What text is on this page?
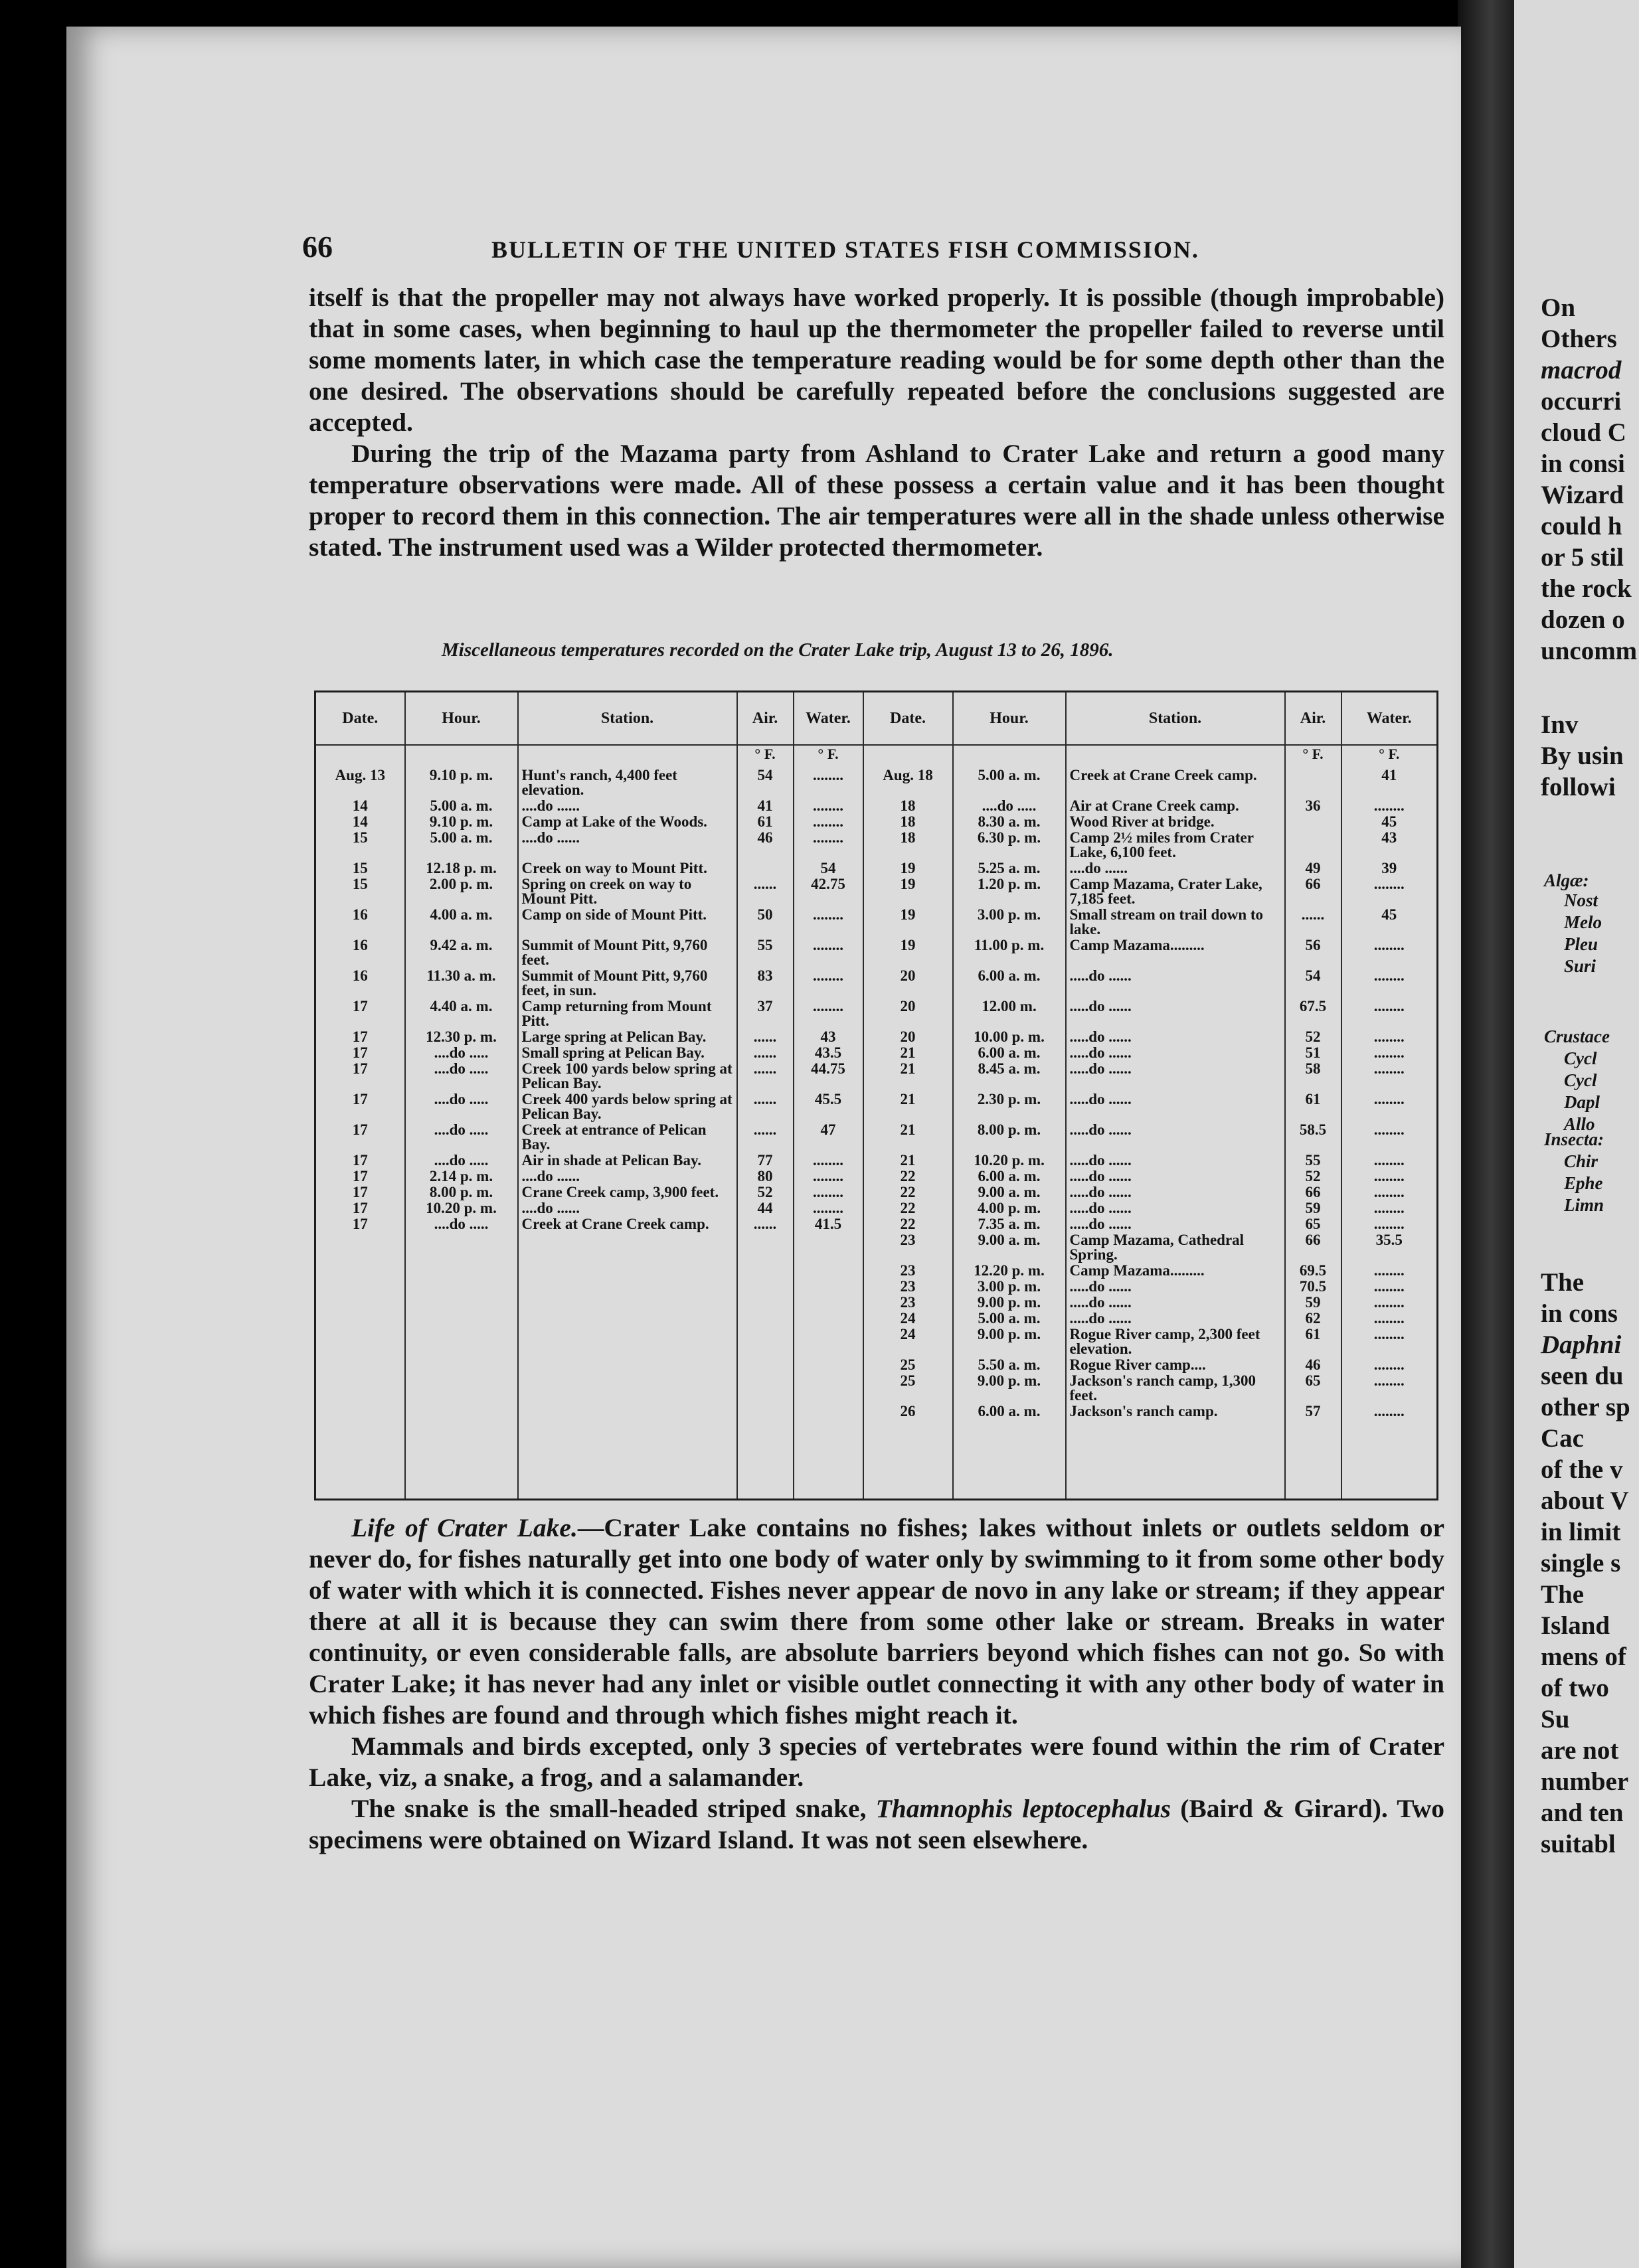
66	BULLETIN OF THE UNITED STATES FISH COMMISSION.

itself is that the propeller may not always have worked properly. It is possible (though improbable) that in some cases, when beginning to haul up the thermometer the propeller failed to reverse until some moments later, in which case the temperature reading would be for some depth other than the one desired. The observations should be carefully repeated before the conclusions suggested are accepted.

During the trip of the Mazama party from Ashland to Crater Lake and return a good many temperature observations were made. All of these possess a certain value and it has been thought proper to record them in this connection. The air temperatures were all in the shade unless otherwise stated. The instrument used was a Wilder protected thermometer.

Miscellaneous temperatures recorded on the Crater Lake trip, August 13 to 26, 1896.
Date.	Hour.	Station.	Air.	Water.	Date.	Hour.	Station.	Air.	Water.
			° F.	° F.				° F.	° F.
Aug. 13	9.10 p. m.	Hunt's ranch, 4,400 feet elevation.	54	........	Aug. 18	5.00 a. m.	Creek at Crane Creek camp.		41
14	5.00 a. m.	....do ......	41	........	18	....do .....	Air at Crane Creek camp.	36	........
14	9.10 p. m.	Camp at Lake of the Woods.	61	........	18	8.30 a. m.	Wood River at bridge.		45
15	5.00 a. m.	....do ......	46	........	18	6.30 p. m.	Camp 2½ miles from Crater Lake, 6,100 feet.		43
15	12.18 p. m.	Creek on way to Mount Pitt.		54	19	5.25 a. m.	....do ......	49	39
15	2.00 p. m.	Spring on creek on way to Mount Pitt.	......	42.75	19	1.20 p. m.	Camp Mazama, Crater Lake, 7,185 feet.	66	........
16	4.00 a. m.	Camp on side of Mount Pitt.	50	........	19	3.00 p. m.	Small stream on trail down to lake.	......	45
16	9.42 a. m.	Summit of Mount Pitt, 9,760 feet.	55	........	19	11.00 p. m.	Camp Mazama.........	56	........
16	11.30 a. m.	Summit of Mount Pitt, 9,760 feet, in sun.	83	........	20	6.00 a. m.	.....do ......	54	........
17	4.40 a. m.	Camp returning from Mount Pitt.	37	........	20	12.00 m.	.....do ......	67.5	........
17	12.30 p. m.	Large spring at Pelican Bay.	......	43	20	10.00 p. m.	.....do ......	52	........
17	....do .....	Small spring at Pelican Bay.	......	43.5	21	6.00 a. m.	.....do ......	51	........
17	....do .....	Creek 100 yards below spring at Pelican Bay.	......	44.75	21	8.45 a. m.	.....do ......	58	........
17	....do .....	Creek 400 yards below spring at Pelican Bay.	......	45.5	21	2.30 p. m.	.....do ......	61	........
17	....do .....	Creek at entrance of Pelican Bay.	......	47	21	8.00 p. m.	.....do ......	58.5	........
17	....do .....	Air in shade at Pelican Bay.	77	........	21	10.20 p. m.	.....do ......	55	........
17	2.14 p. m.	....do ......	80	........	22	6.00 a. m.	.....do ......	52	........
17	8.00 p. m.	Crane Creek camp, 3,900 feet.	52	........	22	9.00 a. m.	.....do ......	66	........
17	10.20 p. m.	....do ......	44	........	22	4.00 p. m.	.....do ......	59	........
17	....do .....	Creek at Crane Creek camp.	......	41.5	22	7.35 a. m.	.....do ......	65	........
					23	9.00 a. m.	Camp Mazama, Cathedral Spring.	66	35.5
					23	12.20 p. m.	Camp Mazama.........	69.5	........
					23	3.00 p. m.	.....do ......	70.5	........
					23	9.00 p. m.	.....do ......	59	........
					24	5.00 a. m.	.....do ......	62	........
					24	9.00 p. m.	Rogue River camp, 2,300 feet elevation.	61	........
					25	5.50 a. m.	Rogue River camp....	46	........
					25	9.00 p. m.	Jackson's ranch camp, 1,300 feet.	65	........
					26	6.00 a. m.	Jackson's ranch camp.	57	........

Life of Crater Lake.—Crater Lake contains no fishes; lakes without inlets or outlets seldom or never do, for fishes naturally get into one body of water only by swimming to it from some other body of water with which it is connected. Fishes never appear de novo in any lake or stream; if they appear there at all it is because they can swim there from some other lake or stream. Breaks in water continuity, or even considerable falls, are absolute barriers beyond which fishes can not go. So with Crater Lake; it has never had any inlet or visible outlet connecting it with any other body of water in which fishes are found and through which fishes might reach it.

Mammals and birds excepted, only 3 species of vertebrates were found within the rim of Crater Lake, viz, a snake, a frog, and a salamander.

The snake is the small-headed striped snake, Thamnophis leptocephalus (Baird & Girard). Two specimens were obtained on Wizard Island. It was not seen elsewhere.

On
Others
macrod
occurri
cloud C
in consi
Wizard
could h
or 5 stil
the rock
dozen o
uncomm
Inv
By usin
followi
Algæ:
Nost
Melo
Pleu
Suri
Crustace
Cycl
Cycl
Dapl
Allo
Insecta:
Chir
Ephe
Limn
The
in cons
Daphni
seen du
other sp
Cac
of the v
about V
in limit
single s
The
Island
mens of
of two
Su
are not
number
and ten
suitabl
